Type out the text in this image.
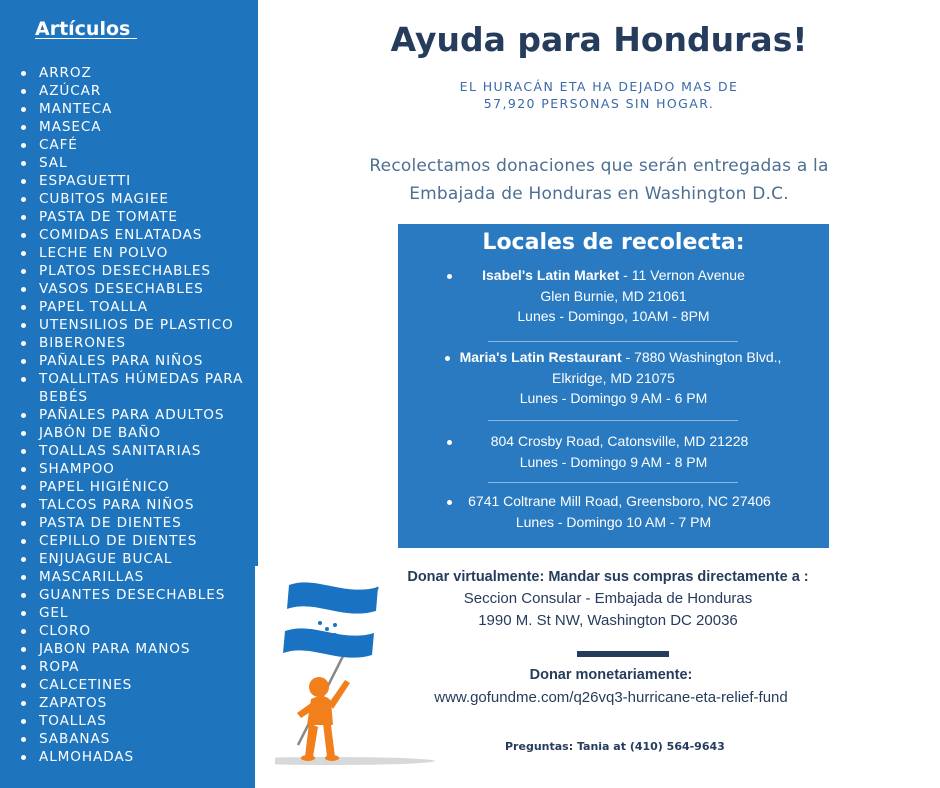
Artículos
ARROZ
AZÚCAR
MANTECA
MASECA
CAFÉ
SAL
ESPAGUETTI
CUBITOS MAGIEE
PASTA DE TOMATE
COMIDAS ENLATADAS
LECHE EN POLVO
PLATOS DESECHABLES
VASOS DESECHABLES
PAPEL TOALLA
UTENSILIOS DE PLASTICO
BIBERONES
PAÑALES PARA NIÑOS
TOALLITAS HÚMEDAS PARA BEBÉS
PAÑALES PARA ADULTOS
JABÓN DE BAÑO
TOALLAS SANITARIAS
SHAMPOO
PAPEL HIGIÉNICO
TALCOS PARA NIÑOS
PASTA DE DIENTES
CEPILLO DE DIENTES
ENJUAGUE BUCAL
MASCARILLAS
GUANTES DESECHABLES
GEL
CLORO
JABON PARA MANOS
ROPA
CALCETINES
ZAPATOS
TOALLAS
SABANAS
ALMOHADAS
Ayuda para Honduras!
EL HURACÁN ETA HA DEJADO MAS DE
57,920 PERSONAS SIN HOGAR.
Recolectamos donaciones que serán entregadas a la
Embajada de Honduras en Washington D.C.
Locales de recolecta:
Isabel's Latin Market - 11 Vernon Avenue
Glen Burnie, MD 21061
Lunes - Domingo, 10AM - 8PM
Maria's Latin Restaurant - 7880 Washington Blvd.,
Elkridge, MD 21075
Lunes - Domingo 9 AM - 6 PM
804 Crosby Road, Catonsville, MD 21228
Lunes - Domingo 9 AM - 8 PM
6741 Coltrane Mill Road, Greensboro, NC 27406
Lunes - Domingo 10 AM - 7 PM
Donar virtualmente: Mandar sus compras directamente a :
Seccion Consular - Embajada de Honduras
1990 M. St NW, Washington DC 20036
Donar monetariamente:
www.gofundme.com/q26vq3-hurricane-eta-relief-fund
Preguntas: Tania at (410) 564-9643
